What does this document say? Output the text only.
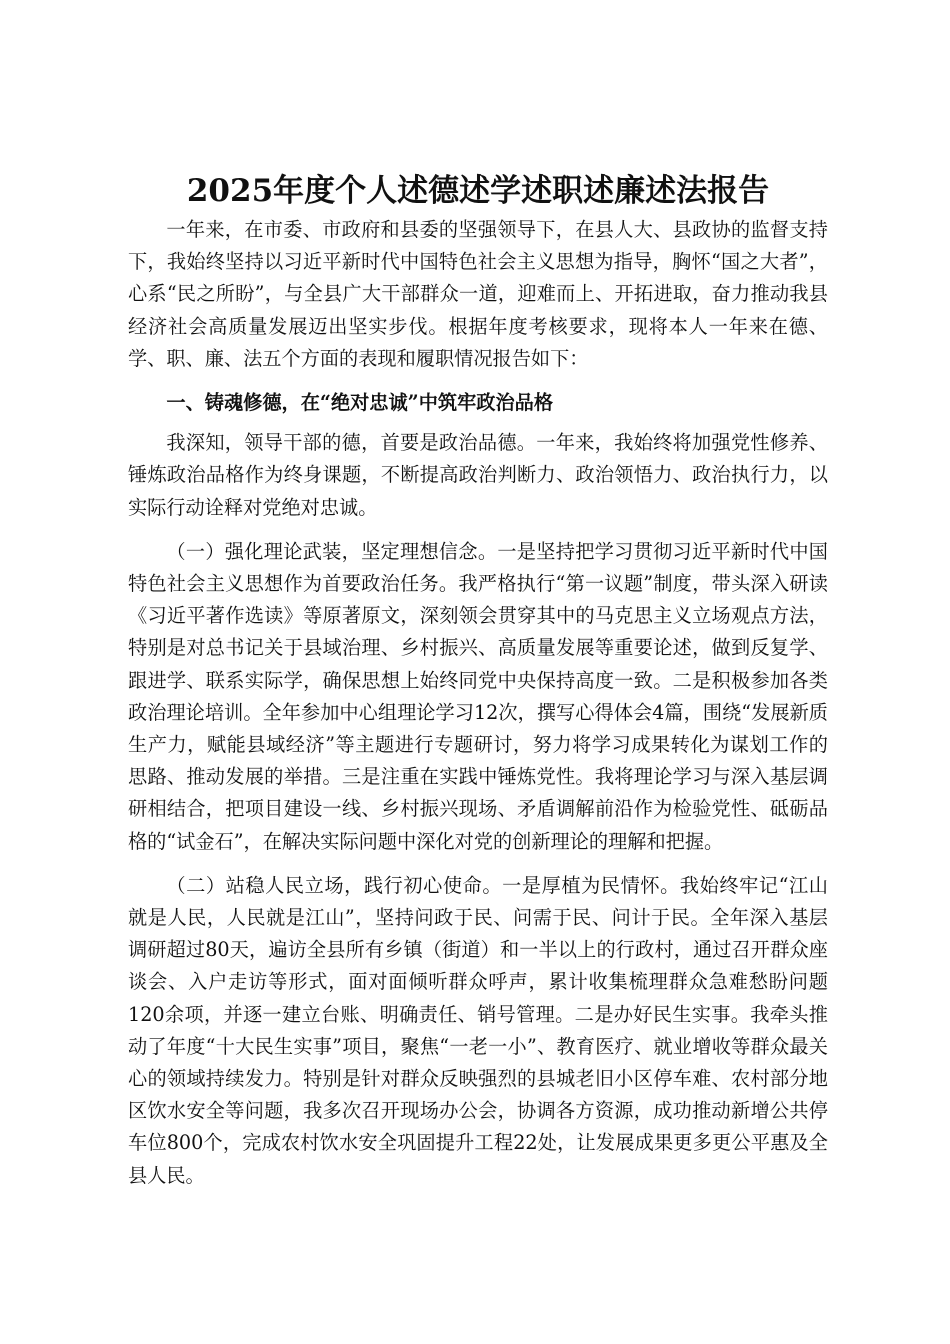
2025年度个人述德述学述职述廉述法报告

一年来，在市委、市政府和县委的坚强领导下，在县人大、县政协的监督支持下，我始终坚持以习近平新时代中国特色社会主义思想为指导，胸怀“国之大者”，心系“民之所盼”，与全县广大干部群众一道，迎难而上、开拓进取，奋力推动我县经济社会高质量发展迈出坚实步伐。根据年度考核要求，现将本人一年来在德、学、职、廉、法五个方面的表现和履职情况报告如下：

一、铸魂修德，在“绝对忠诚”中筑牢政治品格

我深知，领导干部的德，首要是政治品德。一年来，我始终将加强党性修养、锤炼政治品格作为终身课题，不断提高政治判断力、政治领悟力、政治执行力，以实际行动诠释对党绝对忠诚。

（一）强化理论武装，坚定理想信念。一是坚持把学习贯彻习近平新时代中国特色社会主义思想作为首要政治任务。我严格执行“第一议题”制度，带头深入研读《习近平著作选读》等原著原文，深刻领会贯穿其中的马克思主义立场观点方法，特别是对总书记关于县域治理、乡村振兴、高质量发展等重要论述，做到反复学、跟进学、联系实际学，确保思想上始终同党中央保持高度一致。二是积极参加各类政治理论培训。全年参加中心组理论学习12次，撰写心得体会4篇，围绕“发展新质生产力，赋能县域经济”等主题进行专题研讨，努力将学习成果转化为谋划工作的思路、推动发展的举措。三是注重在实践中锤炼党性。我将理论学习与深入基层调研相结合，把项目建设一线、乡村振兴现场、矛盾调解前沿作为检验党性、砥砺品格的“试金石”，在解决实际问题中深化对党的创新理论的理解和把握。

（二）站稳人民立场，践行初心使命。一是厚植为民情怀。我始终牢记“江山就是人民，人民就是江山”，坚持问政于民、问需于民、问计于民。全年深入基层调研超过80天，遍访全县所有乡镇（街道）和一半以上的行政村，通过召开群众座谈会、入户走访等形式，面对面倾听群众呼声，累计收集梳理群众急难愁盼问题120余项，并逐一建立台账、明确责任、销号管理。二是办好民生实事。我牵头推动了年度“十大民生实事”项目，聚焦“一老一小”、教育医疗、就业增收等群众最关心的领域持续发力。特别是针对群众反映强烈的县城老旧小区停车难、农村部分地区饮水安全等问题，我多次召开现场办公会，协调各方资源，成功推动新增公共停车位800个，完成农村饮水安全巩固提升工程22处，让发展成果更多更公平惠及全县人民。
